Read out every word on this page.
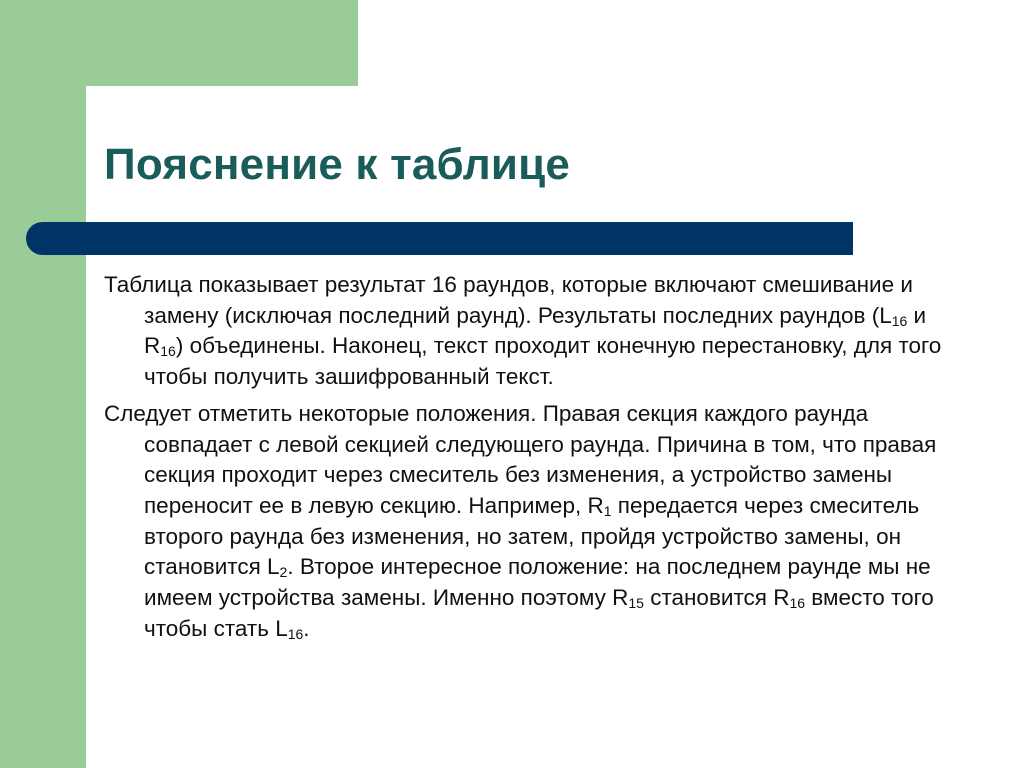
Пояснение к таблице

Таблица показывает результат 16 раундов, которые включают смешивание и замену (исключая последний раунд). Результаты последних раундов ($L_{16}$ и $R_{16}$) объединены. Наконец, текст проходит конечную перестановку, для того чтобы получить зашифрованный текст.

Следует отметить некоторые положения. Правая секция каждого раунда совпадает с левой секцией следующего раунда. Причина в том, что правая секция проходит через смеситель без изменения, а устройство замены переносит ее в левую секцию. Например, $R_1$ передается через смеситель второго раунда без изменения, но затем, пройдя устройство замены, он становится $L_2$. Второе интересное положение: на последнем раунде мы не имеем устройства замены. Именно поэтому $R_{15}$ становится $R_{16}$ вместо того чтобы стать $L_{16}$.
